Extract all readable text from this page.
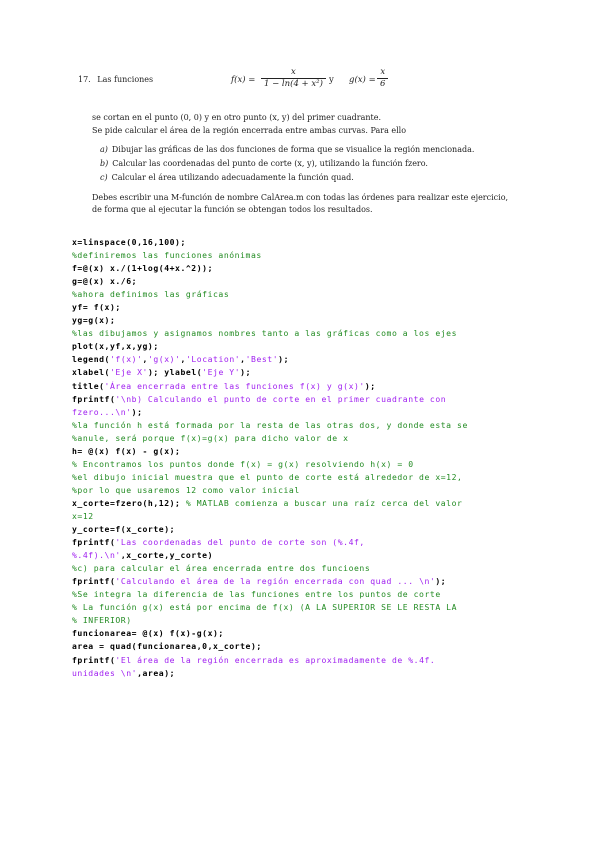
17. Las funciones	$f(x) = \frac{x}{\text{1 − ln(4 + x²)}}$ y $g(x) = \frac{x}{6}$
se cortan en el punto (0, 0) y en otro punto (x, y) del primer cuadrante.
Se pide calcular el área de la región encerrada entre ambas curvas. Para ello
a) Dibujar las gráficas de las dos funciones de forma que se visualice la región mencionada.
b) Calcular las coordenadas del punto de corte (x, y), utilizando la función fzero.
c) Calcular el área utilizando adecuadamente la función quad.
Debes escribir una M-función de nombre CalArea.m con todas las órdenes para realizar este ejercicio,
de forma que al ejecutar la función se obtengan todos los resultados.
x=linspace(0,16,100);
%definiremos las funciones anónimas
f=@(x) x./(1+log(4+x.^2));
g=@(x) x./6;
%ahora definimos las gráficas
yf= f(x);
yg=g(x);
%las dibujamos y asignamos nombres tanto a las gráficas como a los ejes
plot(x,yf,x,yg);
legend('f(x)','g(x)','Location','Best');
xlabel('Eje X'); ylabel('Eje Y');
title('Área encerrada entre las funciones f(x) y g(x)');
fprintf('\nb) Calculando el punto de corte en el primer cuadrante con
fzero...\n');
%la función h está formada por la resta de las otras dos, y donde esta se
%anule, será porque f(x)=g(x) para dicho valor de x
h= @(x) f(x) - g(x);
% Encontramos los puntos donde f(x) = g(x) resolviendo h(x) = 0
%el dibujo inicial muestra que el punto de corte está alrededor de x=12,
%por lo que usaremos 12 como valor inicial
x_corte=fzero(h,12); % MATLAB comienza a buscar una raíz cerca del valor
x=12
y_corte=f(x_corte);
fprintf('Las coordenadas del punto de corte son (%.4f,
%.4f).\n',x_corte,y_corte)
%c) para calcular el área encerrada entre dos funcioens
fprintf('Calculando el área de la región encerrada con quad ... \n');
%Se integra la diferencia de las funciones entre los puntos de corte
% La función g(x) está por encima de f(x) (A LA SUPERIOR SE LE RESTA LA
% INFERIOR)
funcionarea= @(x) f(x)-g(x);
area = quad(funcionarea,0,x_corte);
fprintf('El área de la región encerrada es aproximadamente de %.4f.
unidades \n',area);
